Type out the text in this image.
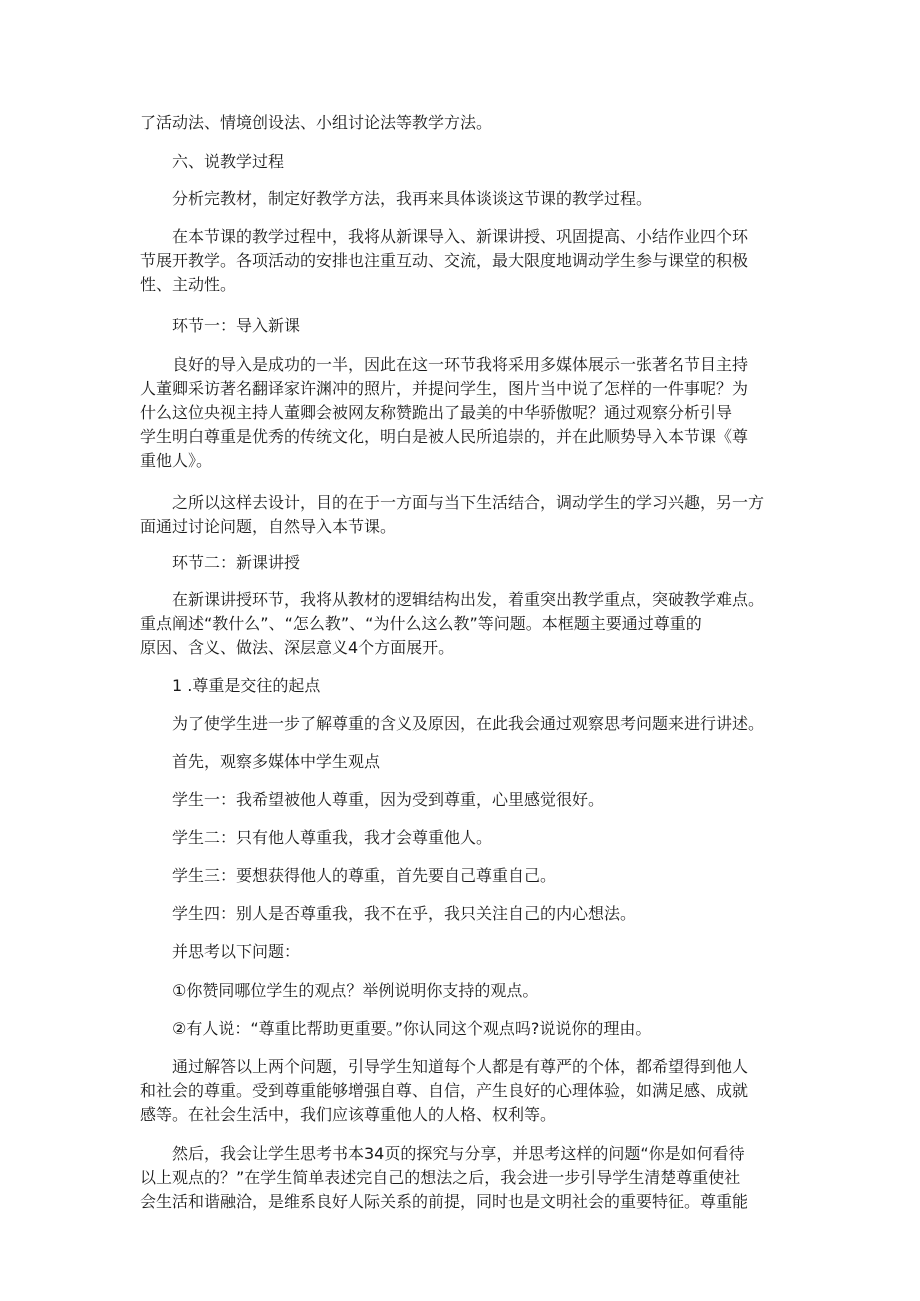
了活动法、情境创设法、小组讨论法等教学方法。

六、说教学过程

分析完教材，制定好教学方法，我再来具体谈谈这节课的教学过程。

在本节课的教学过程中，我将从新课导入、新课讲授、巩固提高、小结作业四个环
节展开教学。各项活动的安排也注重互动、交流，最大限度地调动学生参与课堂的积极
性、主动性。

环节一：导入新课

良好的导入是成功的一半，因此在这一环节我将采用多媒体展示一张著名节目主持
人董卿采访著名翻译家许渊冲的照片，并提问学生，图片当中说了怎样的一件事呢？为
什么这位央视主持人董卿会被网友称赞跪出了最美的中华骄傲呢？通过观察分析引导
学生明白尊重是优秀的传统文化，明白是被人民所追崇的，并在此顺势导入本节课《尊
重他人》。

之所以这样去设计，目的在于一方面与当下生活结合，调动学生的学习兴趣，另一方
面通过讨论问题，自然导入本节课。

环节二：新课讲授

在新课讲授环节，我将从教材的逻辑结构出发，着重突出教学重点，突破教学难点。
重点阐述“教什么”、“怎么教”、“为什么这么教”等问题。本框题主要通过尊重的
原因、含义、做法、深层意义4个方面展开。

1 .尊重是交往的起点

为了使学生进一步了解尊重的含义及原因，在此我会通过观察思考问题来进行讲述。

首先，观察多媒体中学生观点

学生一：我希望被他人尊重，因为受到尊重，心里感觉很好。

学生二：只有他人尊重我，我才会尊重他人。

学生三：要想获得他人的尊重，首先要自己尊重自己。

学生四：别人是否尊重我，我不在乎，我只关注自己的内心想法。

并思考以下问题：

①你赞同哪位学生的观点？举例说明你支持的观点。

②有人说：“尊重比帮助更重要。”你认同这个观点吗?说说你的理由。

通过解答以上两个问题，引导学生知道每个人都是有尊严的个体，都希望得到他人
和社会的尊重。受到尊重能够增强自尊、自信，产生良好的心理体验，如满足感、成就
感等。在社会生活中，我们应该尊重他人的人格、权利等。

然后，我会让学生思考书本34页的探究与分享，并思考这样的问题“你是如何看待
以上观点的？”在学生简单表述完自己的想法之后，我会进一步引导学生清楚尊重使社
会生活和谐融洽，是维系良好人际关系的前提，同时也是文明社会的重要特征。尊重能
